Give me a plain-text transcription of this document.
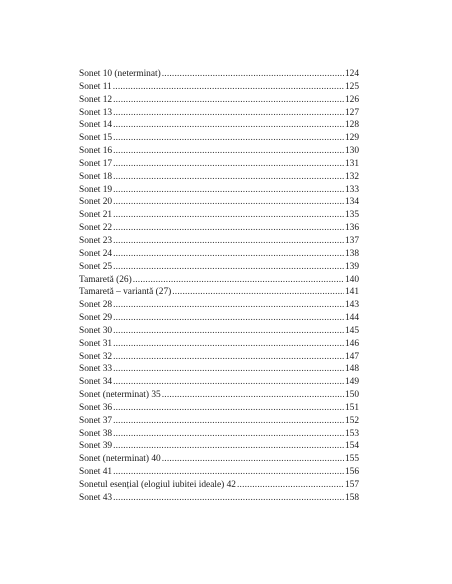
Sonet 10 (neterminat) .....	124
Sonet 11 .....	125
Sonet 12 .....	126
Sonet 13 .....	127
Sonet 14 .....	128
Sonet 15 .....	129
Sonet 16 .....	130
Sonet 17 .....	131
Sonet 18 .....	132
Sonet 19 .....	133
Sonet 20 .....	134
Sonet 21 .....	135
Sonet 22 .....	136
Sonet 23 .....	137
Sonet 24 .....	138
Sonet 25 .....	139
Tamaretă (26) .....	140
Tamaretă – variantă (27) .....	141
Sonet 28 .....	143
Sonet 29 .....	144
Sonet 30 .....	145
Sonet 31 .....	146
Sonet 32 .....	147
Sonet 33 .....	148
Sonet 34 .....	149
Sonet (neterminat) 35 .....	150
Sonet 36 .....	151
Sonet 37 .....	152
Sonet 38 .....	153
Sonet 39 .....	154
Sonet (neterminat) 40 .....	155
Sonet 41 .....	156
Sonetul esențial (elogiul iubitei ideale) 42 .....	157
Sonet 43 .....	158
